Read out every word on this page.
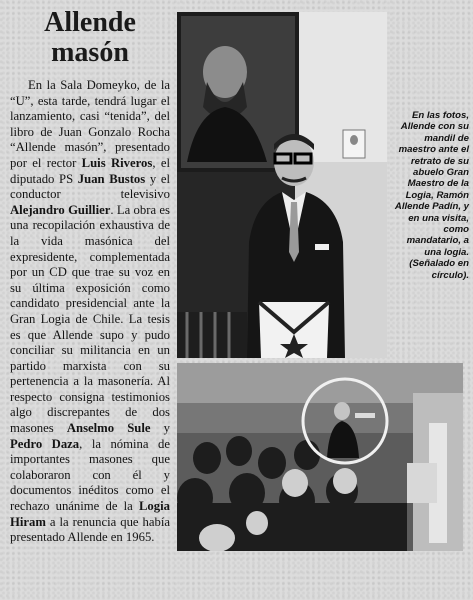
Allende masón

En la Sala Domeyko, de la “U”, esta tarde, tendrá lugar el lanzamiento, casi “tenida”, del libro de Juan Gonzalo Rocha “Allende masón”, presentado por el rector Luis Riveros, el diputado PS Juan Bustos y el conductor televisivo Alejandro Guillier. La obra es una recopilación exhaustiva de la vida masónica del expresidente, complementada por un CD que trae su voz en su última exposición como candidato presidencial ante la Gran Logia de Chile. La tesis es que Allende supo y pudo conciliar su militancia en un partido marxista con su pertenencia a la masonería. Al respecto consigna testimonios algo discrepantes de dos masones Anselmo Sule y Pedro Daza, la nómina de importantes masones que colaboraron con él y documentos inéditos como el rechazo unánime de la Logia Hiram a la renuncia que había presentado Allende en 1965.

En las fotos, Allende con su mandil de maestro ante el retrato de su abuelo Gran Maestro de la Logia, Ramón Allende Padín, y en una visita, como mandatario, a una logia. (Señalado en círculo).
